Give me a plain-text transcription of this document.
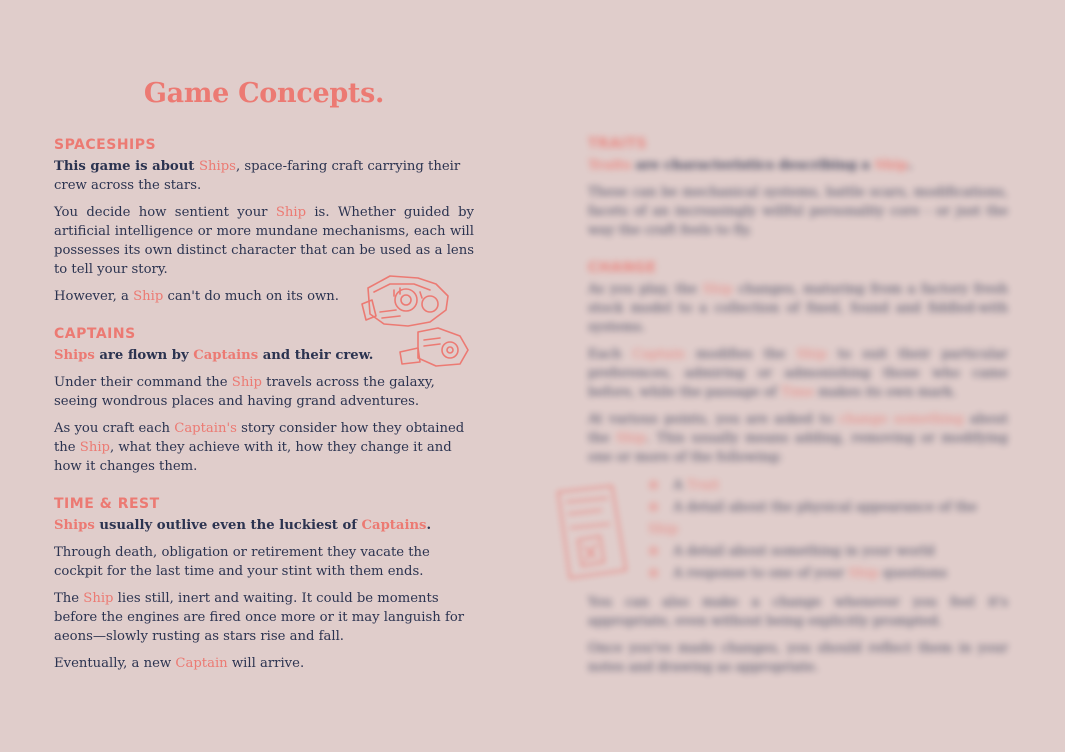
Game Concepts.
SPACESHIPS

This game is about Ships, space-faring craft carrying their crew across the stars.

You decide how sentient your Ship is. Whether guided by artificial intelligence or more mundane mechanisms, each will possesses its own distinct character that can be used as a lens to tell your story.

However, a Ship can't do much on its own.

CAPTAINS

Ships are flown by Captains and their crew.

Under their command the Ship travels across the galaxy, seeing wondrous places and having grand adventures.

As you craft each Captain's story consider how they obtained the Ship, what they achieve with it, how they change it and how it changes them.

TIME & REST

Ships usually outlive even the luckiest of Captains.

Through death, obligation or retirement they vacate the cockpit for the last time and your stint with them ends.

The Ship lies still, inert and waiting. It could be moments before the engines are fired once more or it may languish for aeons—slowly rusting as stars rise and fall.

Eventually, a new Captain will arrive.

TRAITS

Traits are characteristics describing a Ship.

These can be mechanical systems, battle scars, modifications, facets of an increasingly willful personality core - or just the way the craft feels to fly.

CHANGE

As you play, the Ship changes, maturing from a factory fresh stock model to a collection of fixed, found and fiddled-with systems.

Each Captain modifies the Ship to suit their particular preferences, admiring or admonishing those who came before, while the passage of Time makes its own mark.

At various points, you are asked to change something about the Ship. This usually means adding, removing or modifying one or more of the following:

⊕ A Trait
⊕ A detail about the physical appearance of the Ship
⊕ A detail about something in your world
⊕ A response to one of your Ship questions

You can also make a change whenever you feel it's appropriate, even without being explicitly prompted.

Once you've made changes, you should reflect them in your notes and drawing as appropriate.
